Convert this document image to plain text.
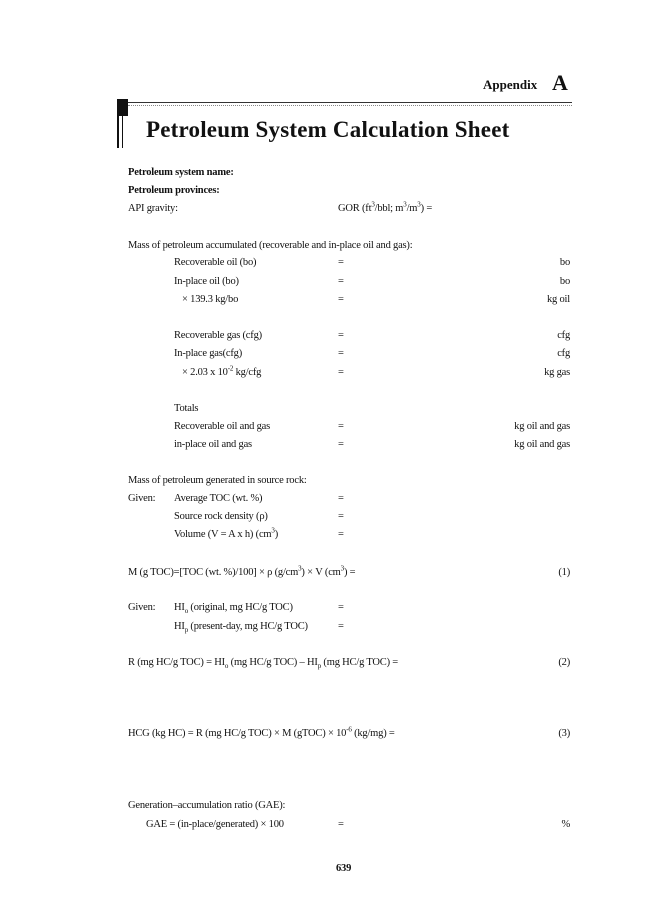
Appendix A
Petroleum System Calculation Sheet
Petroleum system name:
Petroleum provinces:
API gravity:	GOR ($ft^3$/bbl; $m^3/m^3$) =
Mass of petroleum accumulated (recoverable and in-place oil and gas):
Recoverable oil (bo)	=	bo
In-place oil (bo)	=	bo
× 139.3 kg/bo	=	kg oil
Recoverable gas (cfg)	=	cfg
In-place gas(cfg)	=	cfg
× 2.03 x $10^{-2}$ kg/cfg	=	kg gas
Totals
Recoverable oil and gas	=	kg oil and gas
in-place oil and gas	=	kg oil and gas
Mass of petroleum generated in source rock:
Given: Average TOC (wt. %)	=
Source rock density (ρ)	=
Volume (V = A x h) $(cm^3)$	=
M (g TOC)=[TOC (wt. %)/100] × ρ $(g/cm^3) \times V$ $(cm^3)$ =	(1)
Given: $HI_o$ (original, mg HC/g TOC)	=
$HI_p$ (present-day, mg HC/g TOC)	=
R (mg HC/g $TOC) = HI_o$ (mg HC/g $TOC) - HI_p$ (mg HC/g TOC) =	(2)
HCG (kg HC) = R (mg HC/g TOC) × M (gTOC) × $10^{-6}$ (kg/mg) =	(3)
Generation–accumulation ratio (GAE):
GAE = (in-place/generated) × 100	=	%
639
